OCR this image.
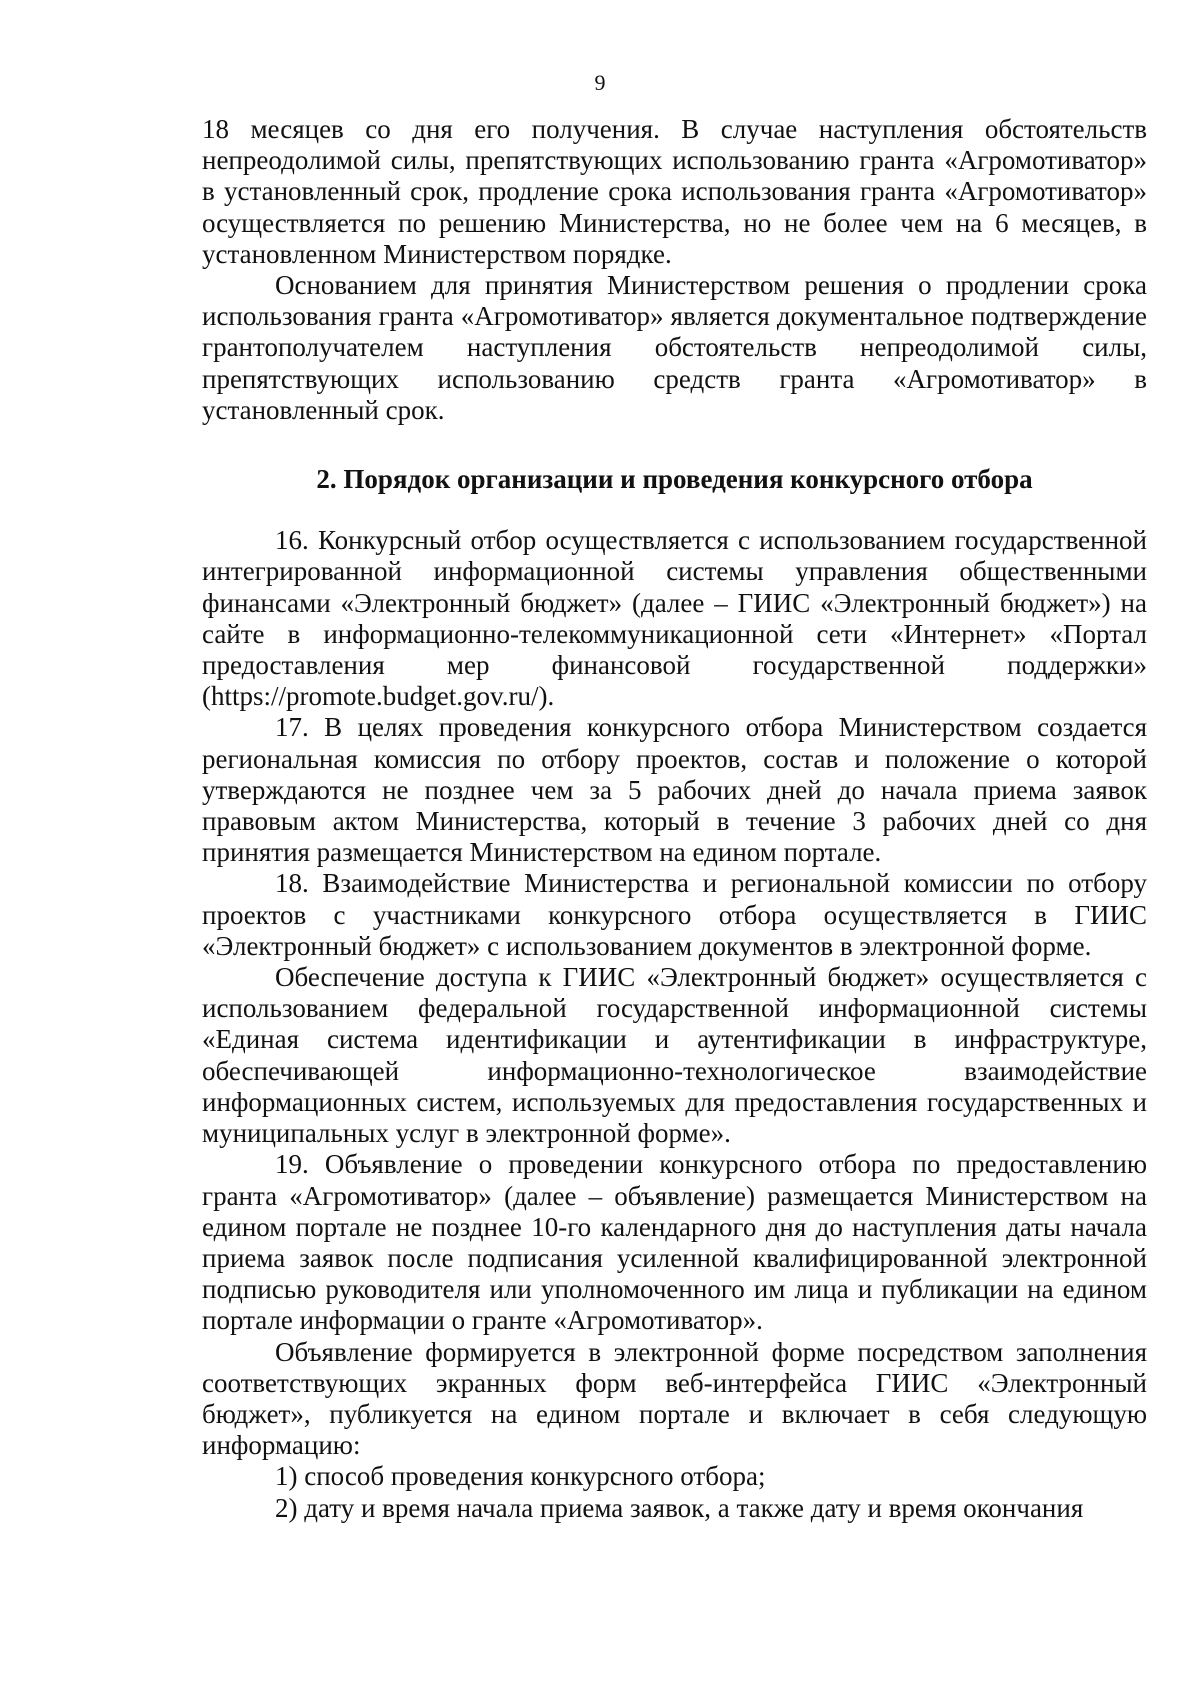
9

18 месяцев со дня его получения. В случае наступления обстоятельств непреодолимой силы, препятствующих использованию гранта «Агромотиватор» в установленный срок, продление срока использования гранта «Агромотиватор» осуществляется по решению Министерства, но не более чем на 6 месяцев, в установленном Министерством порядке.

Основанием для принятия Министерством решения о продлении срока использования гранта «Агромотиватор» является документальное подтверждение грантополучателем наступления обстоятельств непреодолимой силы, препятствующих использованию средств гранта «Агромотиватор» в установленный срок.

2. Порядок организации и проведения конкурсного отбора

16. Конкурсный отбор осуществляется с использованием государственной интегрированной информационной системы управления общественными финансами «Электронный бюджет» (далее – ГИИС «Электронный бюджет») на сайте в информационно-телекоммуникационной сети «Интернет» «Портал предоставления мер финансовой государственной поддержки» (https://promote.budget.gov.ru/).

17. В целях проведения конкурсного отбора Министерством создается региональная комиссия по отбору проектов, состав и положение о которой утверждаются не позднее чем за 5 рабочих дней до начала приема заявок правовым актом Министерства, который в течение 3 рабочих дней со дня принятия размещается Министерством на едином портале.

18. Взаимодействие Министерства и региональной комиссии по отбору проектов с участниками конкурсного отбора осуществляется в ГИИС «Электронный бюджет» с использованием документов в электронной форме.

Обеспечение доступа к ГИИС «Электронный бюджет» осуществляется с использованием федеральной государственной информационной системы «Единая система идентификации и аутентификации в инфраструктуре, обеспечивающей информационно-технологическое взаимодействие информационных систем, используемых для предоставления государственных и муниципальных услуг в электронной форме».

19. Объявление о проведении конкурсного отбора по предоставлению гранта «Агромотиватор» (далее – объявление) размещается Министерством на едином портале не позднее 10-го календарного дня до наступления даты начала приема заявок после подписания усиленной квалифицированной электронной подписью руководителя или уполномоченного им лица и публикации на едином портале информации о гранте «Агромотиватор».

Объявление формируется в электронной форме посредством заполнения соответствующих экранных форм веб-интерфейса ГИИС «Электронный бюджет», публикуется на едином портале и включает в себя следующую информацию:

1) способ проведения конкурсного отбора;

2) дату и время начала приема заявок, а также дату и время окончания
